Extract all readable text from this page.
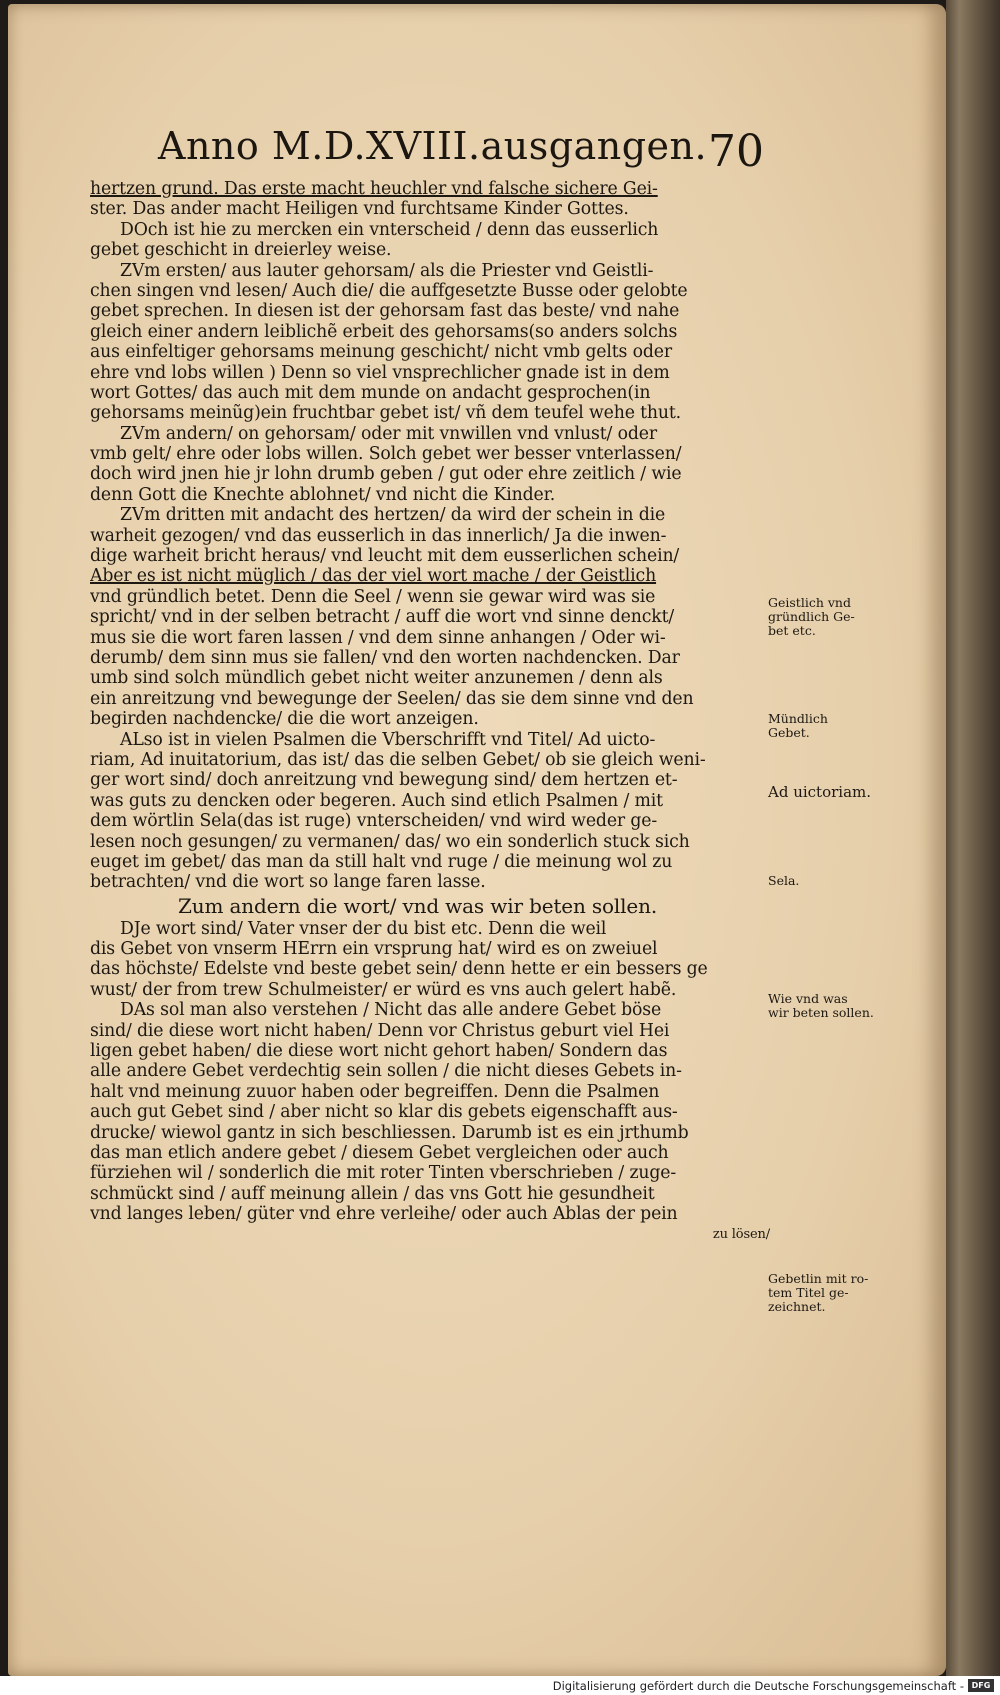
Anno M.D.XVIII.ausgangen. 70
hertzen grund. Das erste macht heuchler vnd falsche sichere Gei-
ster. Das ander macht Heiligen vnd furchtsame Kinder Gottes.
DOch ist hie zu mercken ein vnterscheid / denn das eusserlich
gebet geschicht in dreierley weise.
ZVm ersten/ aus lauter gehorsam/ als die Priester vnd Geistli-
chen singen vnd lesen/ Auch die/ die auffgesetzte Busse oder gelobte
gebet sprechen. In diesen ist der gehorsam fast das beste/ vnd nahe
gleich einer andern leiblichẽ erbeit des gehorsams(so anders solchs
aus einfeltiger gehorsams meinung geschicht/ nicht vmb gelts oder
ehre vnd lobs willen ) Denn so viel vnsprechlicher gnade ist in dem
wort Gottes/ das auch mit dem munde on andacht gesprochen(in
gehorsams meinũg)ein fruchtbar gebet ist/ vñ dem teufel wehe thut.
ZVm andern/ on gehorsam/ oder mit vnwillen vnd vnlust/ oder
vmb gelt/ ehre oder lobs willen. Solch gebet wer besser vnterlassen/
doch wird jnen hie jr lohn drumb geben / gut oder ehre zeitlich / wie
denn Gott die Knechte ablohnet/ vnd nicht die Kinder.
ZVm dritten mit andacht des hertzen/ da wird der schein in die
warheit gezogen/ vnd das eusserlich in das innerlich/ Ja die inwen-
dige warheit bricht heraus/ vnd leucht mit dem eusserlichen schein/
Aber es ist nicht müglich / das der viel wort mache / der Geistlich
vnd gründlich betet. Denn die Seel / wenn sie gewar wird was sie
spricht/ vnd in der selben betracht / auff die wort vnd sinne denckt/
mus sie die wort faren lassen / vnd dem sinne anhangen / Oder wi-
derumb/ dem sinn mus sie fallen/ vnd den worten nachdencken. Dar
umb sind solch mündlich gebet nicht weiter anzunemen / denn als
ein anreitzung vnd bewegunge der Seelen/ das sie dem sinne vnd den
begirden nachdencke/ die die wort anzeigen.
ALso ist in vielen Psalmen die Vberschrifft vnd Titel/ Ad uicto-
riam, Ad inuitatorium, das ist/ das die selben Gebet/ ob sie gleich weni-
ger wort sind/ doch anreitzung vnd bewegung sind/ dem hertzen et-
was guts zu dencken oder begeren. Auch sind etlich Psalmen / mit
dem wörtlin Sela(das ist ruge) vnterscheiden/ vnd wird weder ge-
lesen noch gesungen/ zu vermanen/ das/ wo ein sonderlich stuck sich
euget im gebet/ das man da still halt vnd ruge / die meinung wol zu
betrachten/ vnd die wort so lange faren lasse.
Zum andern die wort/ vnd was wir beten sollen.
DJe wort sind/ Vater vnser der du bist etc. Denn die weil
dis Gebet von vnserm HErrn ein vrsprung hat/ wird es on zweiuel
das höchste/ Edelste vnd beste gebet sein/ denn hette er ein bessers ge
wust/ der from trew Schulmeister/ er würd es vns auch gelert habẽ.
DAs sol man also verstehen / Nicht das alle andere Gebet böse
sind/ die diese wort nicht haben/ Denn vor Christus geburt viel Hei
ligen gebet haben/ die diese wort nicht gehort haben/ Sondern das
alle andere Gebet verdechtig sein sollen / die nicht dieses Gebets in-
halt vnd meinung zuuor haben oder begreiffen. Denn die Psalmen
auch gut Gebet sind / aber nicht so klar dis gebets eigenschafft aus-
drucke/ wiewol gantz in sich beschliessen. Darumb ist es ein jrthumb
das man etlich andere gebet / diesem Gebet vergleichen oder auch
fürziehen wil / sonderlich die mit roter Tinten vberschrieben / zuge-
schmückt sind / auff meinung allein / das vns Gott hie gesundheit
vnd langes leben/ güter vnd ehre verleihe/ oder auch Ablas der pein
zu lösen/
Geistlich vnd
gründlich Ge-
bet etc.
Mündlich
Gebet.
Ad uictoriam.
Sela.
Wie vnd was
wir beten sollen.
Gebetlin mit ro-
tem Titel ge-
zeichnet.
Digitalisierung gefördert durch die Deutsche Forschungsgemeinschaft - DFG
